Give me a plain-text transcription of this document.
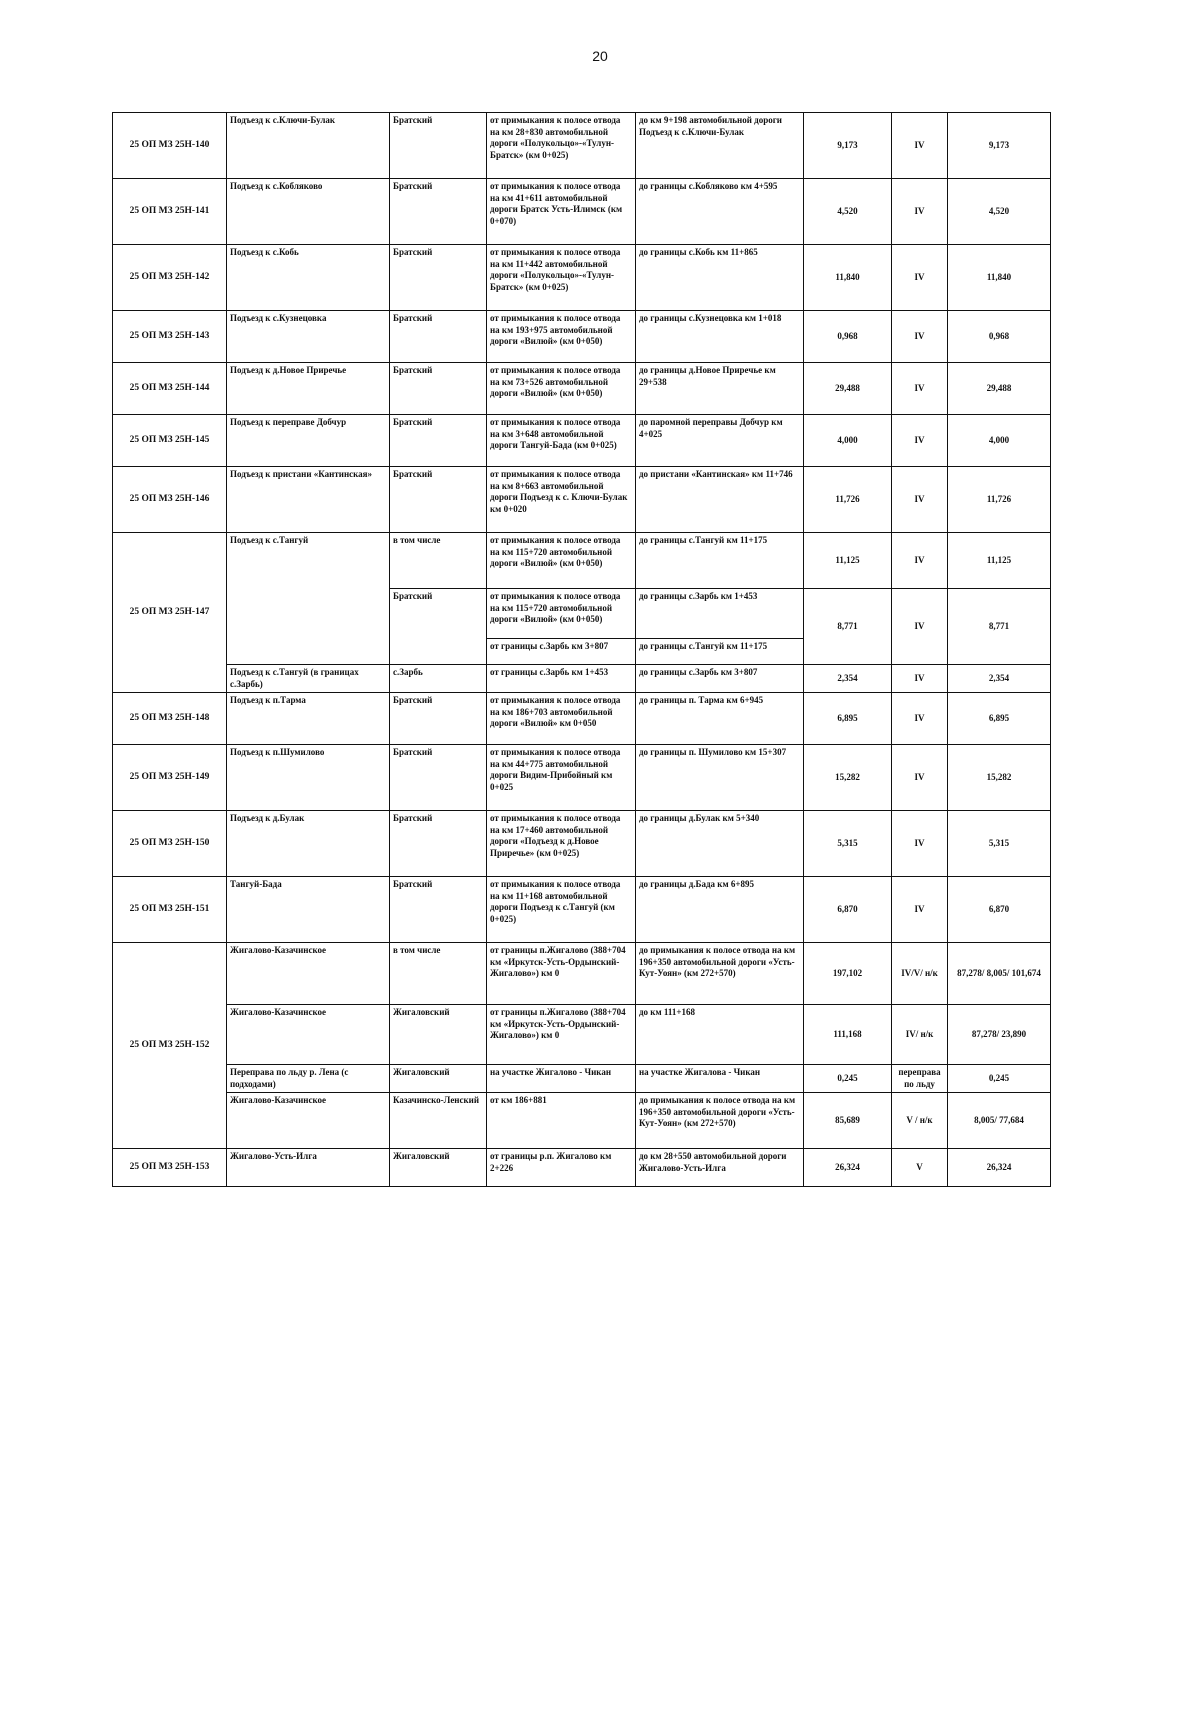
20
25 ОП МЗ 25Н-140	Подъезд к с.Ключи-Булак	Братский	от примыкания к полосе отвода на км 28+830 автомобильной дороги «Полукольцо»-«Тулун-Братск» (км 0+025)	до км 9+198 автомобильной дороги Подъезд к с.Ключи-Булак	9,173	IV	9,173
25 ОП МЗ 25Н-141	Подъезд к с.Кобляково	Братский	от примыкания к полосе отвода на км 41+611 автомобильной дороги Братск Усть-Илимск (км 0+070)	до границы с.Кобляково км 4+595	4,520	IV	4,520
25 ОП МЗ 25Н-142	Подъезд к с.Кобь	Братский	от примыкания к полосе отвода на км 11+442 автомобильной дороги «Полукольцо»-«Тулун-Братск» (км 0+025)	до границы с.Кобь км 11+865	11,840	IV	11,840
25 ОП МЗ 25Н-143	Подъезд к с.Кузнецовка	Братский	от примыкания к полосе отвода на км 193+975 автомобильной дороги «Вилюй» (км 0+050)	до границы с.Кузнецовка км 1+018	0,968	IV	0,968
25 ОП МЗ 25Н-144	Подъезд к д.Новое Приречье	Братский	от примыкания к полосе отвода на км 73+526 автомобильной дороги «Вилюй» (км 0+050)	до границы д.Новое Приречье км 29+538	29,488	IV	29,488
25 ОП МЗ 25Н-145	Подъезд к переправе Добчур	Братский	от примыкания к полосе отвода на км 3+648 автомобильной дороги Тангуй-Бада (км 0+025)	до паромной переправы Добчур км 4+025	4,000	IV	4,000
25 ОП МЗ 25Н-146	Подъезд к пристани «Кантинская»	Братский	от примыкания к полосе отвода на км 8+663 автомобильной дороги Подъезд к с. Ключи-Булак км 0+020	до пристани «Кантинская» км 11+746	11,726	IV	11,726
25 ОП МЗ 25Н-147	Подъезд к с.Тангуй	в том числе	от примыкания к полосе отвода на км 115+720 автомобильной дороги «Вилюй» (км 0+050)	до границы с.Тангуй км 11+175	11,125	IV	11,125
		Братский	от примыкания к полосе отвода на км 115+720 автомобильной дороги «Вилюй» (км 0+050)	до границы с.Зарбь км 1+453	8,771	IV	8,771
			от границы с.Зарбь км 3+807	до границы с.Тангуй км 11+175			
	Подъезд к с.Тангуй (в границах с.Зарбь)	с.Зарбь	от границы с.Зарбь км 1+453	до границы с.Зарбь км 3+807	2,354	IV	2,354
25 ОП МЗ 25Н-148	Подъезд к п.Тарма	Братский	от примыкания к полосе отвода на км 186+703 автомобильной дороги «Вилюй» км 0+050	до границы п. Тарма км 6+945	6,895	IV	6,895
25 ОП МЗ 25Н-149	Подъезд к п.Шумилово	Братский	от примыкания к полосе отвода на км 44+775 автомобильной дороги Видим-Прибойный км 0+025	до границы п. Шумилово км 15+307	15,282	IV	15,282
25 ОП МЗ 25Н-150	Подъезд к д.Булак	Братский	от примыкания к полосе отвода на км 17+460 автомобильной дороги «Подъезд к д.Новое Приречье» (км 0+025)	до границы д.Булак км 5+340	5,315	IV	5,315
25 ОП МЗ 25Н-151	Тангуй-Бада	Братский	от примыкания к полосе отвода на км 11+168 автомобильной дороги Подъезд к с.Тангуй (км 0+025)	до границы д.Бада км 6+895	6,870	IV	6,870
25 ОП МЗ 25Н-152	Жигалово-Казачинское	в том числе	от границы п.Жигалово (388+704 км «Иркутск-Усть-Ордынский-Жигалово») км 0	до примыкания к полосе отвода на км 196+350 автомобильной дороги «Усть-Кут-Уоян» (км 272+570)	197,102	IV/V/ н/к	87,278/ 8,005/ 101,674
	Жигалово-Казачинское	Жигаловский	от границы п.Жигалово (388+704 км «Иркутск-Усть-Ордынский-Жигалово») км 0	до км 111+168	111,168	IV/ н/к	87,278/ 23,890
	Переправа по льду р. Лена (с подходами)	Жигаловский	на участке Жигалово - Чикан	на участке Жигалова - Чикан	0,245	переправа по льду	0,245
	Жигалово-Казачинское	Казачинско-Ленский	от км 186+881	до примыкания к полосе отвода на км 196+350 автомобильной дороги «Усть-Кут-Уоян» (км 272+570)	85,689	V / н/к	8,005/ 77,684
25 ОП МЗ 25Н-153	Жигалово-Усть-Илга	Жигаловский	от границы р.п. Жигалово км 2+226	до км 28+550 автомобильной дороги Жигалово-Усть-Илга	26,324	V	26,324
